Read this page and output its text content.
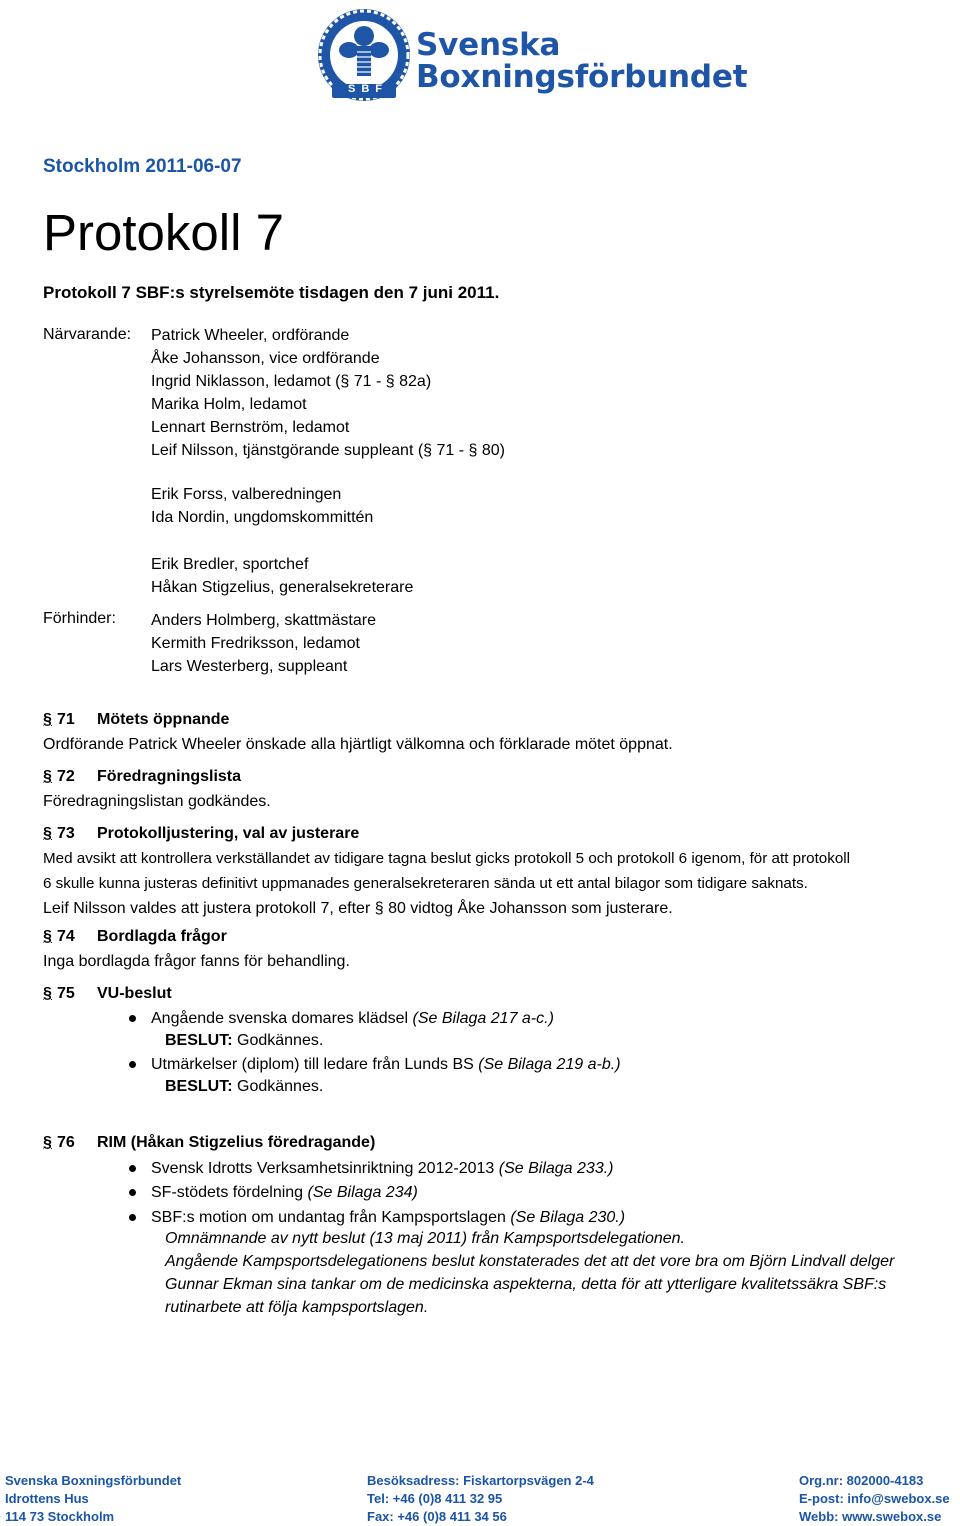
SBF
Svenska
Boxningsförbundet
Stockholm 2011-06-07
Protokoll 7
Protokoll 7 SBF:s styrelsemöte tisdagen den 7 juni 2011.
Närvarande: Patrick Wheeler, ordförande
Åke Johansson, vice ordförande
Ingrid Niklasson, ledamot (§ 71 - § 82a)
Marika Holm, ledamot
Lennart Bernström, ledamot
Leif Nilsson, tjänstgörande suppleant (§ 71 - § 80)
Erik Forss, valberedningen
Ida Nordin, ungdomskommittén
Erik Bredler, sportchef
Håkan Stigzelius, generalsekreterare
Förhinder: Anders Holmberg, skattmästare
Kermith Fredriksson, ledamot
Lars Westerberg, suppleant
§ 71 Mötets öppnande
Ordförande Patrick Wheeler önskade alla hjärtligt välkomna och förklarade mötet öppnat.
§ 72 Föredragningslista
Föredragningslistan godkändes.
§ 73 Protokolljustering, val av justerare
Med avsikt att kontrollera verkställandet av tidigare tagna beslut gicks protokoll 5 och protokoll 6 igenom, för att protokoll
6 skulle kunna justeras definitivt uppmanades generalsekreteraren sända ut ett antal bilagor som tidigare saknats.
Leif Nilsson valdes att justera protokoll 7, efter § 80 vidtog Åke Johansson som justerare.
§ 74 Bordlagda frågor
Inga bordlagda frågor fanns för behandling.
§ 75 VU-beslut
Angående svenska domares klädsel (Se Bilaga 217 a-c.)
BESLUT: Godkännes.
Utmärkelser (diplom) till ledare från Lunds BS (Se Bilaga 219 a-b.)
BESLUT: Godkännes.
§ 76 RIM (Håkan Stigzelius föredragande)
Svensk Idrotts Verksamhetsinriktning 2012-2013 (Se Bilaga 233.)
SF-stödets fördelning (Se Bilaga 234)
SBF:s motion om undantag från Kampsportslagen (Se Bilaga 230.)
Omnämnande av nytt beslut (13 maj 2011) från Kampsportsdelegationen.
Angående Kampsportsdelegationens beslut konstaterades det att det vore bra om Björn Lindvall delger
Gunnar Ekman sina tankar om de medicinska aspekterna, detta för att ytterligare kvalitetssäkra SBF:s
rutinarbete att följa kampsportslagen.
Svenska Boxningsförbundet
Idrottens Hus
114 73 Stockholm
Besöksadress: Fiskartorpsvägen 2-4
Tel: +46 (0)8 411 32 95
Fax: +46 (0)8 411 34 56
Org.nr: 802000-4183
E-post: info@swebox.se
Webb: www.swebox.se
